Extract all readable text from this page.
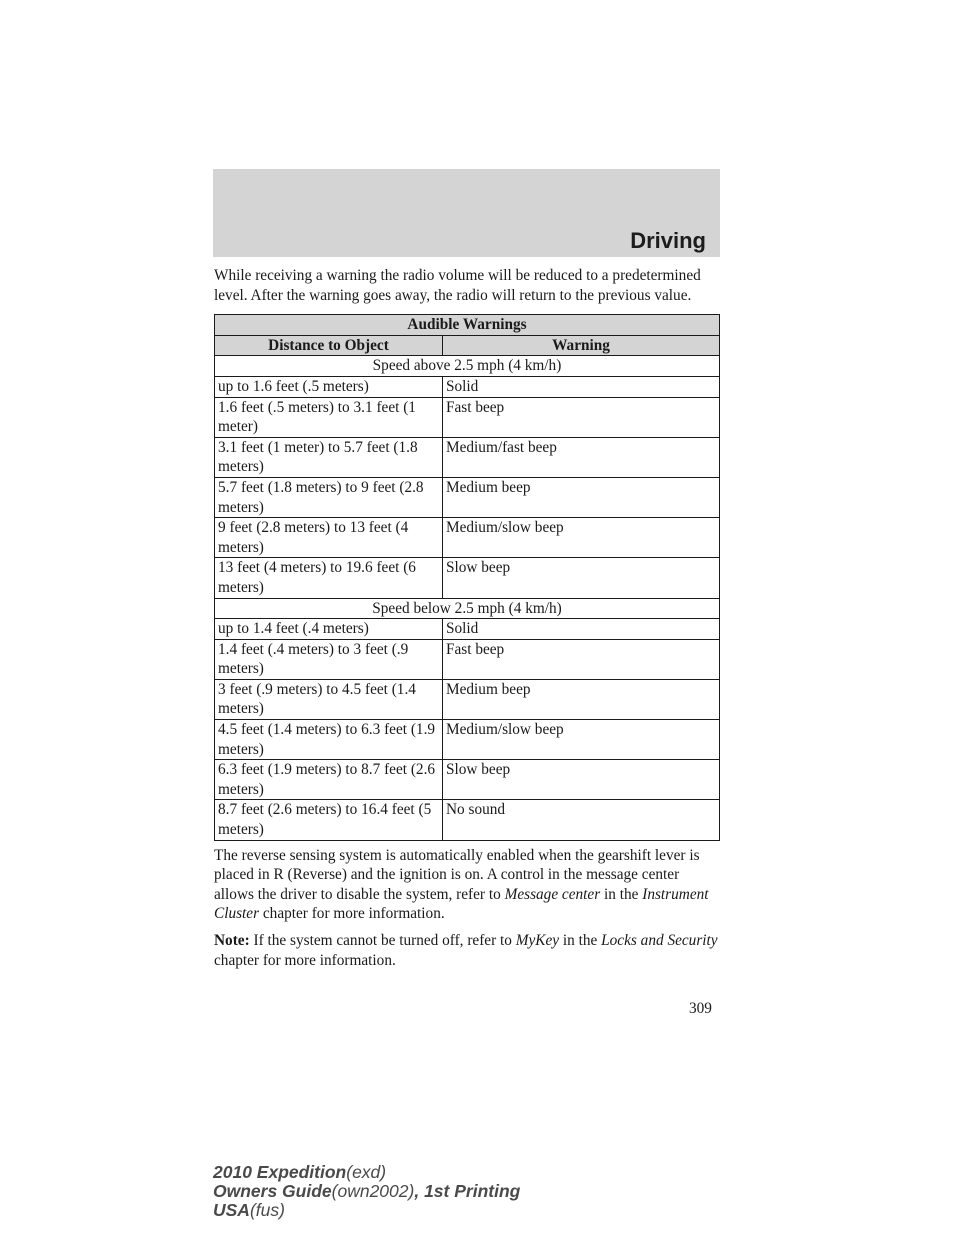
Driving

While receiving a warning the radio volume will be reduced to a predetermined level. After the warning goes away, the radio will return to the previous value.

Audible Warnings	
Distance to Object	Warning
Speed above 2.5 mph (4 km/h)	
up to 1.6 feet (.5 meters)	Solid
1.6 feet (.5 meters) to 3.1 feet (1 meter)	Fast beep
3.1 feet (1 meter) to 5.7 feet (1.8 meters)	Medium/fast beep
5.7 feet (1.8 meters) to 9 feet (2.8 meters)	Medium beep
9 feet (2.8 meters) to 13 feet (4 meters)	Medium/slow beep
13 feet (4 meters) to 19.6 feet (6 meters)	Slow beep
Speed below 2.5 mph (4 km/h)	
up to 1.4 feet (.4 meters)	Solid
1.4 feet (.4 meters) to 3 feet (.9 meters)	Fast beep
3 feet (.9 meters) to 4.5 feet (1.4 meters)	Medium beep
4.5 feet (1.4 meters) to 6.3 feet (1.9 meters)	Medium/slow beep
6.3 feet (1.9 meters) to 8.7 feet (2.6 meters)	Slow beep
8.7 feet (2.6 meters) to 16.4 feet (5 meters)	No sound

The reverse sensing system is automatically enabled when the gearshift lever is placed in R (Reverse) and the ignition is on. A control in the message center allows the driver to disable the system, refer to Message center in the Instrument Cluster chapter for more information.

Note: If the system cannot be turned off, refer to MyKey in the Locks and Security chapter for more information.

309
2010 Expedition(exd)
Owners Guide(own2002), 1st Printing
USA(fus)
